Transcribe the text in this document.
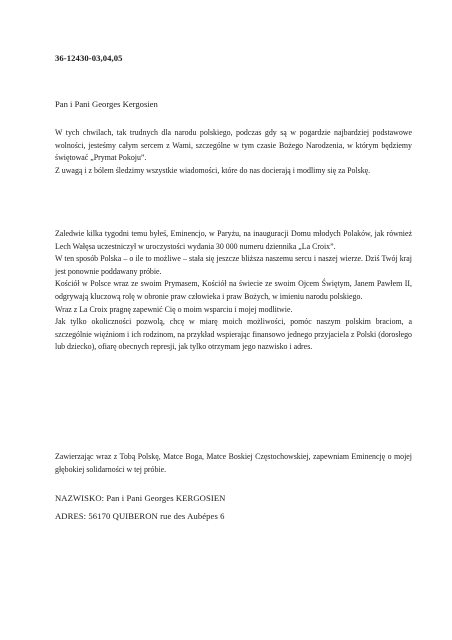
36-12430-03,04,05
Pan i Pani Georges Kergosien

W tych chwilach, tak trudnych dla narodu polskiego, podczas gdy są w pogardzie najbardziej podstawowe wolności, jesteśmy całym sercem z Wami, szczególne w tym czasie Bożego Narodzenia, w którym będziemy świętować „Prymat Pokoju”.

Z uwagą i z bólem śledzimy wszystkie wiadomości, które do nas docierają i modlimy się za Polskę.

Zaledwie kilka tygodni temu byłeś, Eminencjo, w Paryżu, na inauguracji Domu młodych Polaków, jak również Lech Wałęsa uczestniczył w uroczystości wydania 30 000 numeru dziennika „La Croix”.

W ten sposób Polska – o ile to możliwe – stała się jeszcze bliższa naszemu sercu i naszej wierze. Dziś Twój kraj jest ponownie poddawany próbie.

Kościół w Polsce wraz ze swoim Prymasem, Kościół na świecie ze swoim Ojcem Świętym, Janem Pawłem II, odgrywają kluczową rolę w obronie praw człowieka i praw Bożych, w imieniu narodu polskiego.

Wraz z La Croix pragnę zapewnić Cię o moim wsparciu i mojej modlitwie.

Jak tylko okoliczności pozwolą, chcę w miarę moich możliwości, pomóc naszym polskim braciom, a szczególnie więźniom i ich rodzinom, na przykład wspierając finansowo jednego przyjaciela z Polski (dorosłego lub dziecko), ofiarę obecnych represji, jak tylko otrzymam jego nazwisko i adres.

Zawierzając wraz z Tobą Polskę, Matce Boga, Matce Boskiej Częstochowskiej, zapewniam Eminencję o mojej głębokiej solidarności w tej próbie.

NAZWISKO: Pan i Pani Georges KERGOSIEN
ADRES: 56170 QUIBERON rue des Aubépes 6
